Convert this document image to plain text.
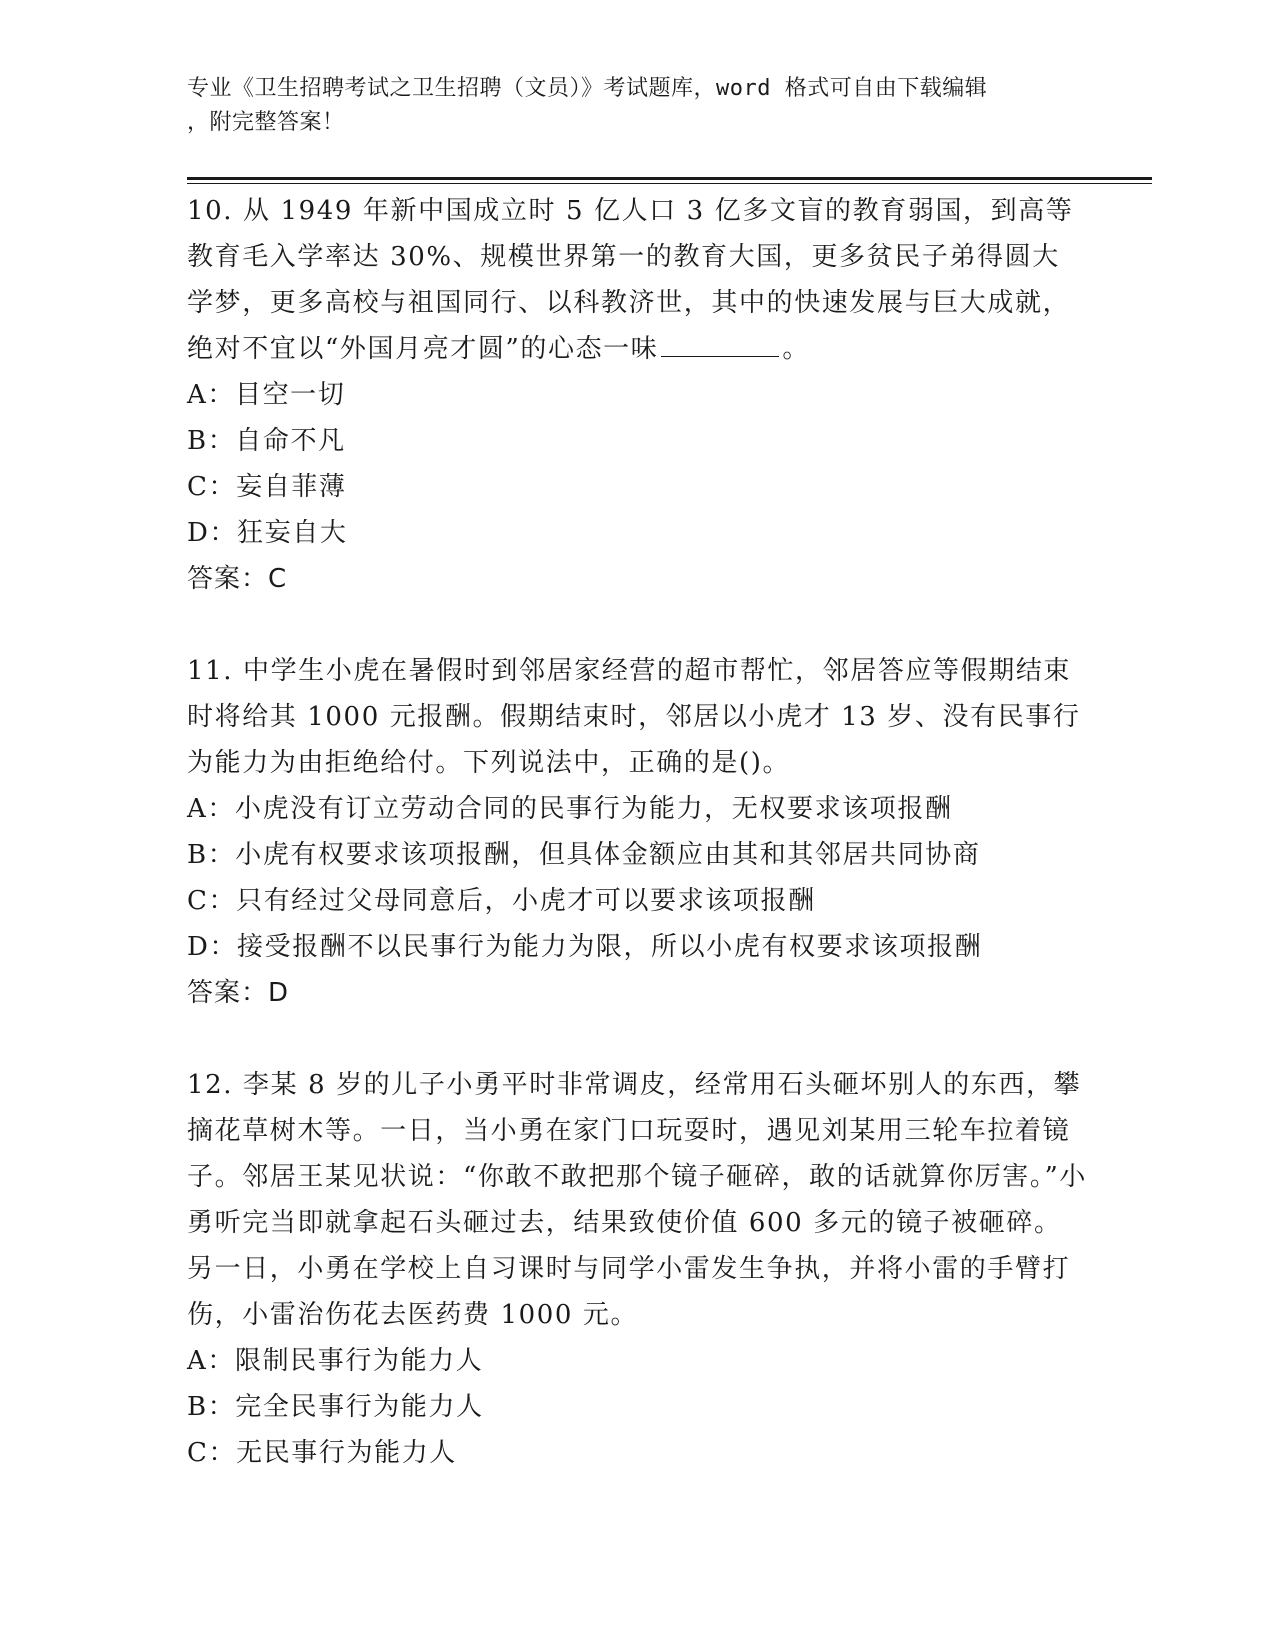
专业《卫生招聘考试之卫生招聘（文员）》考试题库，word 格式可自由下载编辑
，附完整答案！

10. 从 1949 年新中国成立时 5 亿人口 3 亿多文盲的教育弱国，到高等教育毛入学率达 30%、规模世界第一的教育大国，更多贫民子弟得圆大学梦，更多高校与祖国同行、以科教济世，其中的快速发展与巨大成就，绝对不宜以“外国月亮才圆”的心态一味	。

A：目空一切

B：自命不凡

C：妄自菲薄

D：狂妄自大

答案：C

11. 中学生小虎在暑假时到邻居家经营的超市帮忙，邻居答应等假期结束时将给其 1000 元报酬。假期结束时，邻居以小虎才 13 岁、没有民事行为能力为由拒绝给付。下列说法中，正确的是()。

A：小虎没有订立劳动合同的民事行为能力，无权要求该项报酬

B：小虎有权要求该项报酬，但具体金额应由其和其邻居共同协商

C：只有经过父母同意后，小虎才可以要求该项报酬

D：接受报酬不以民事行为能力为限，所以小虎有权要求该项报酬

答案：D

12. 李某 8 岁的儿子小勇平时非常调皮，经常用石头砸坏别人的东西，攀摘花草树木等。一日，当小勇在家门口玩耍时，遇见刘某用三轮车拉着镜子。邻居王某见状说：“你敢不敢把那个镜子砸碎，敢的话就算你厉害。”小勇听完当即就拿起石头砸过去，结果致使价值 600 多元的镜子被砸碎。另一日，小勇在学校上自习课时与同学小雷发生争执，并将小雷的手臂打伤，小雷治伤花去医药费 1000 元。

A：限制民事行为能力人

B：完全民事行为能力人

C：无民事行为能力人
